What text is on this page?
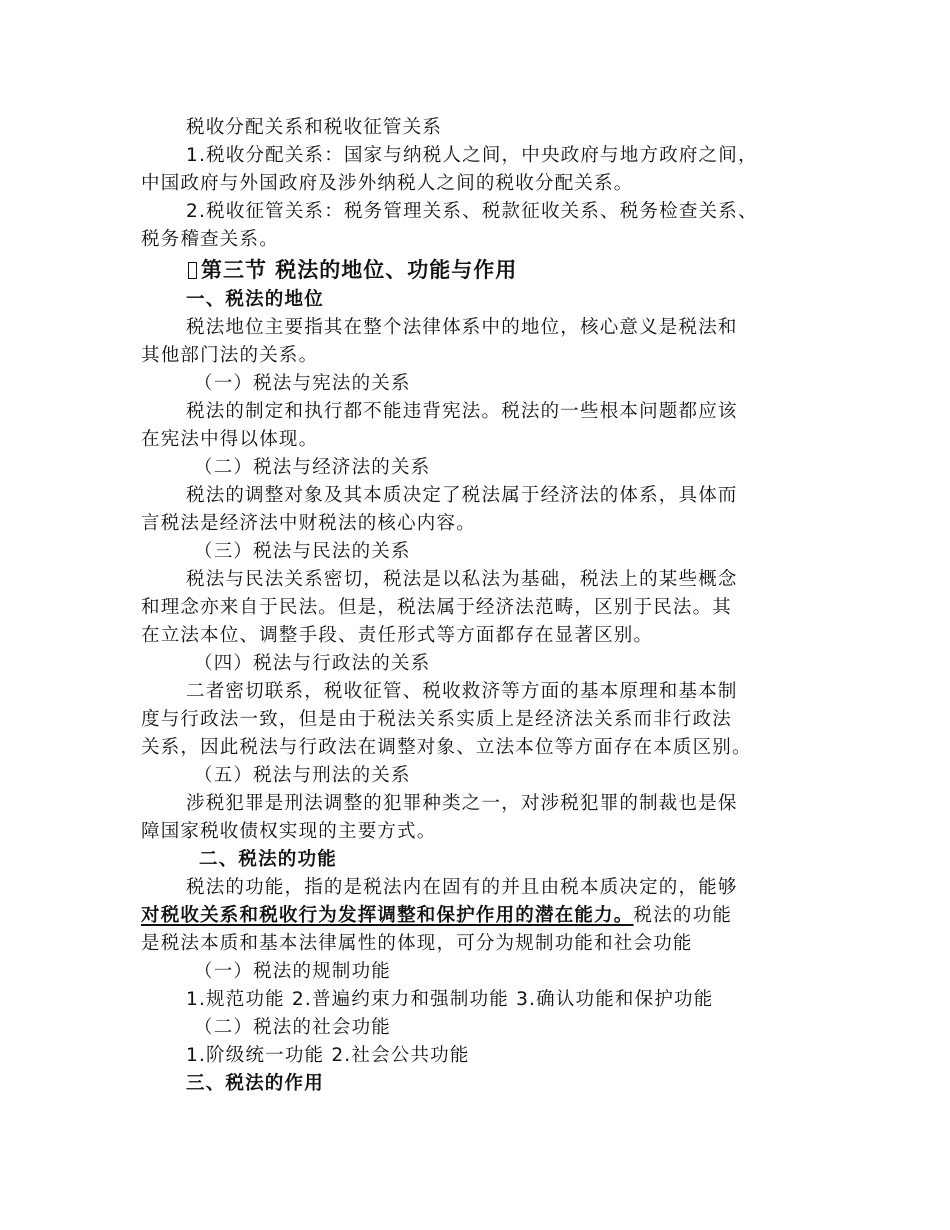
税收分配关系和税收征管关系
1.税收分配关系：国家与纳税人之间，中央政府与地方政府之间，
中国政府与外国政府及涉外纳税人之间的税收分配关系。
2.税收征管关系：税务管理关系、税款征收关系、税务检查关系、
税务稽查关系。
第三节 税法的地位、功能与作用
一、税法的地位
税法地位主要指其在整个法律体系中的地位，核心意义是税法和
其他部门法的关系。
（一）税法与宪法的关系
税法的制定和执行都不能违背宪法。税法的一些根本问题都应该
在宪法中得以体现。
（二）税法与经济法的关系
税法的调整对象及其本质决定了税法属于经济法的体系，具体而
言税法是经济法中财税法的核心内容。
（三）税法与民法的关系
税法与民法关系密切，税法是以私法为基础，税法上的某些概念
和理念亦来自于民法。但是，税法属于经济法范畴，区别于民法。其
在立法本位、调整手段、责任形式等方面都存在显著区别。
（四）税法与行政法的关系
二者密切联系，税收征管、税收救济等方面的基本原理和基本制
度与行政法一致，但是由于税法关系实质上是经济法关系而非行政法
关系，因此税法与行政法在调整对象、立法本位等方面存在本质区别。
（五）税法与刑法的关系
涉税犯罪是刑法调整的犯罪种类之一，对涉税犯罪的制裁也是保
障国家税收债权实现的主要方式。
二、税法的功能
税法的功能，指的是税法内在固有的并且由税本质决定的，能够
对税收关系和税收行为发挥调整和保护作用的潜在能力。税法的功能
是税法本质和基本法律属性的体现，可分为规制功能和社会功能
（一）税法的规制功能
1.规范功能 2.普遍约束力和强制功能 3.确认功能和保护功能
（二）税法的社会功能
1.阶级统一功能 2.社会公共功能
三、税法的作用
